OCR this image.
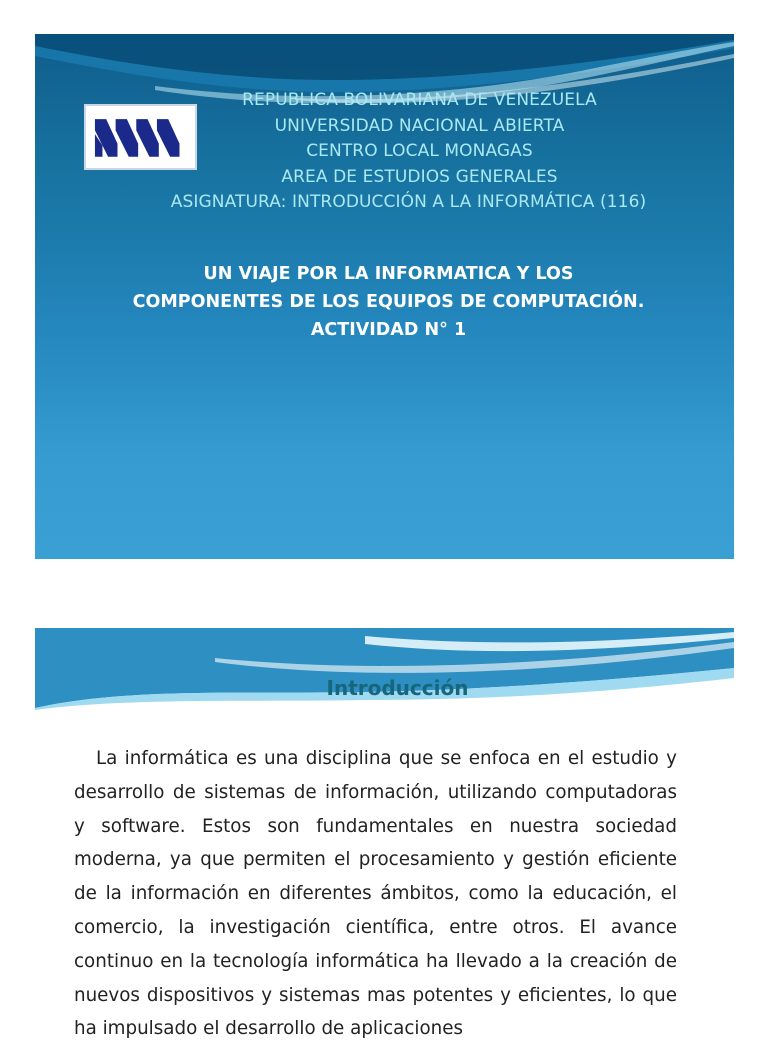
REPUBLICA BOLIVARIANA DE VENEZUELA
UNIVERSIDAD NACIONAL ABIERTA
CENTRO LOCAL MONAGAS
AREA DE ESTUDIOS GENERALES
ASIGNATURA: INTRODUCCIÓN A LA INFORMÁTICA (116)
UN VIAJE POR LA INFORMATICA Y LOS
COMPONENTES DE LOS EQUIPOS DE COMPUTACIÓN.
ACTIVIDAD N° 1
Introducción

La informática es una disciplina que se enfoca en el estudio y desarrollo de sistemas de información, utilizando computadoras y software. Estos son fundamentales en nuestra sociedad moderna, ya que permiten el procesamiento y gestión eficiente de la información en diferentes ámbitos, como la educación, el comercio, la investigación científica, entre otros. El avance continuo en la tecnología informática ha llevado a la creación de nuevos dispositivos y sistemas mas potentes y eficientes, lo que ha impulsado el desarrollo de aplicaciones
